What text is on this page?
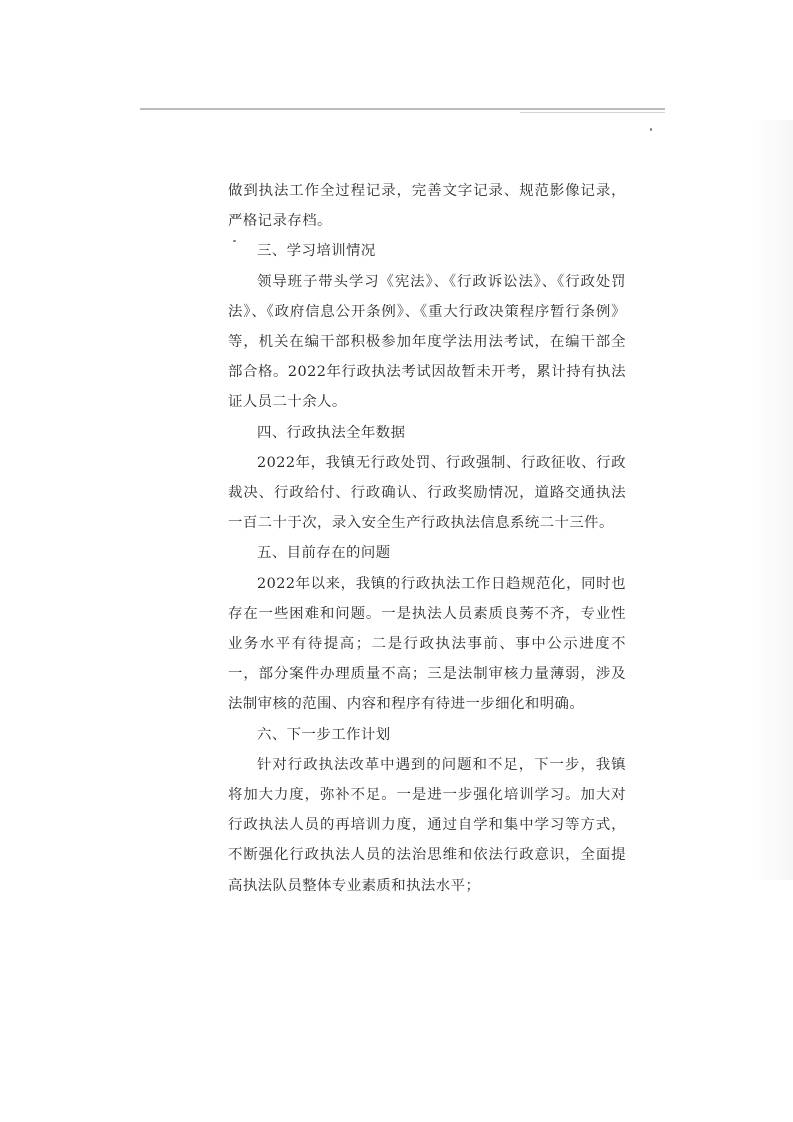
做到执法工作全过程记录，完善文字记录、规范影像记录，严格记录存档。

三、学习培训情况

领导班子带头学习《宪法》、《行政诉讼法》、《行政处罚法》、《政府信息公开条例》、《重大行政决策程序暂行条例》等，机关在编干部积极参加年度学法用法考试，在编干部全部合格。2022年行政执法考试因故暂未开考，累计持有执法证人员二十余人。

四、行政执法全年数据

2022年，我镇无行政处罚、行政强制、行政征收、行政裁决、行政给付、行政确认、行政奖励情况，道路交通执法一百二十于次，录入安全生产行政执法信息系统二十三件。

五、目前存在的问题

2022年以来，我镇的行政执法工作日趋规范化，同时也存在一些困难和问题。一是执法人员素质良莠不齐，专业性业务水平有待提高；二是行政执法事前、事中公示进度不一，部分案件办理质量不高；三是法制审核力量薄弱，涉及法制审核的范围、内容和程序有待进一步细化和明确。

六、下一步工作计划

针对行政执法改革中遇到的问题和不足，下一步，我镇将加大力度，弥补不足。一是进一步强化培训学习。加大对行政执法人员的再培训力度，通过自学和集中学习等方式，不断强化行政执法人员的法治思维和依法行政意识，全面提高执法队员整体专业素质和执法水平；
